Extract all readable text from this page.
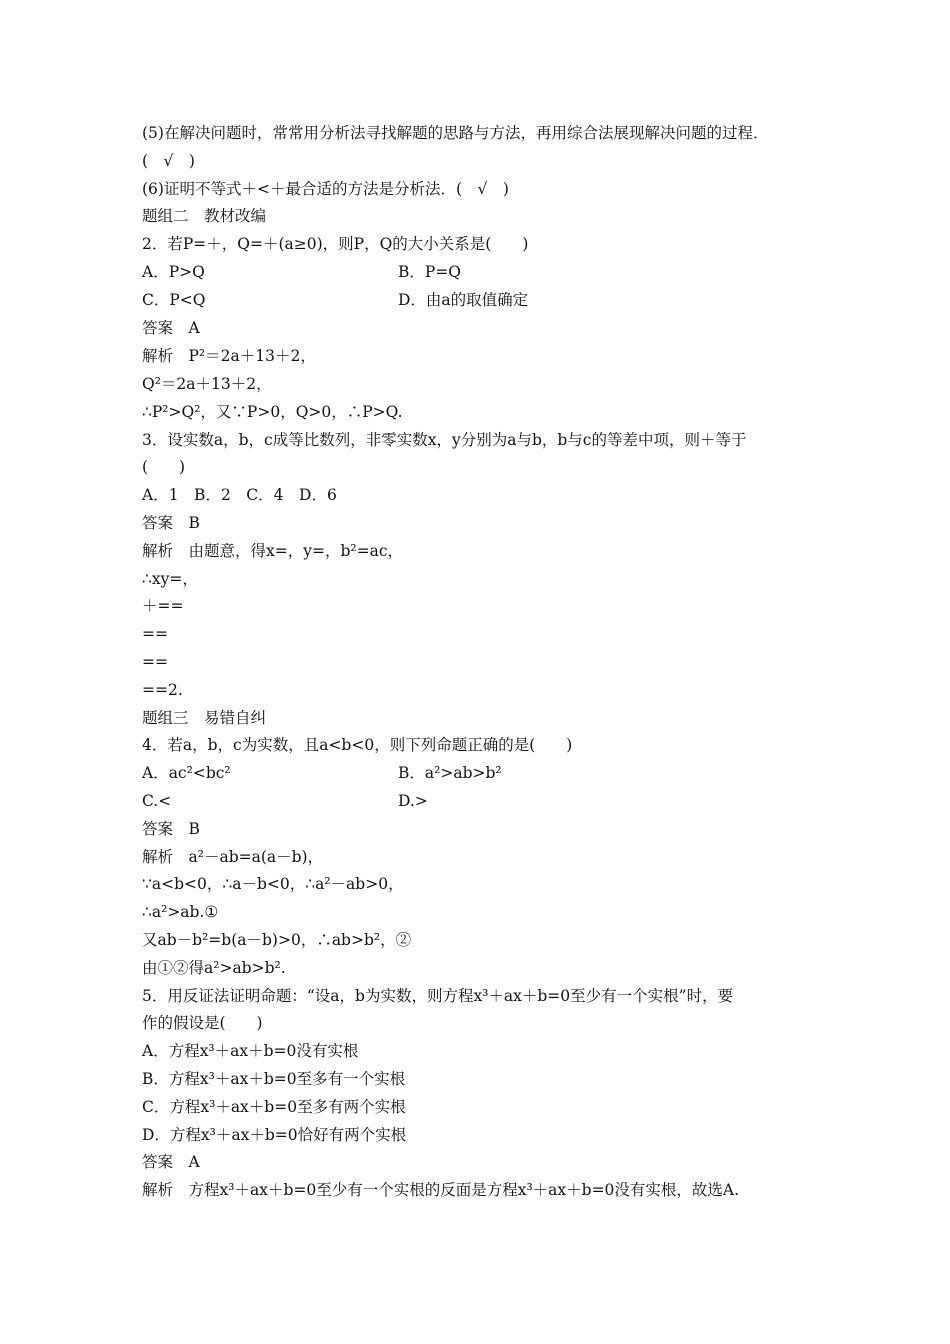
(5)在解决问题时，常常用分析法寻找解题的思路与方法，再用综合法展现解决问题的过程．
(　√　)
(6)证明不等式＋<＋最合适的方法是分析法．(　√　)
题组二　教材改编
2．若P=＋，Q=＋(a≥0)，则P，Q的大小关系是(　　)
A．P>Q	B．P=Q
C．P<Q	D．由a的取值确定
答案　A
解析　P²＝2a＋13＋2，
Q²＝2a＋13＋2，
∴P²>Q²，又∵P>0，Q>0，∴P>Q.
3．设实数a，b，c成等比数列，非零实数x，y分别为a与b，b与c的等差中项，则＋等于
(　　)
A．1　B．2　C．4　D．6
答案　B
解析　由题意，得x=，y=，b²=ac，
∴xy=，
＋==
==
==
==2.
题组三　易错自纠
4．若a，b，c为实数，且a<b<0，则下列命题正确的是(　　)
A．ac²<bc²	B．a²>ab>b²
C.<	D.>
答案　B
解析　a²－ab=a(a－b)，
∵a<b<0，∴a－b<0，∴a²－ab>0，
∴a²>ab.①
又ab－b²=b(a－b)>0，∴ab>b²，②
由①②得a²>ab>b².
5．用反证法证明命题：“设a，b为实数，则方程x³＋ax＋b=0至少有一个实根”时，要
作的假设是(　　)
A．方程x³＋ax＋b=0没有实根
B．方程x³＋ax＋b=0至多有一个实根
C．方程x³＋ax＋b=0至多有两个实根
D．方程x³＋ax＋b=0恰好有两个实根
答案　A
解析　方程x³＋ax＋b=0至少有一个实根的反面是方程x³＋ax＋b=0没有实根，故选A.
